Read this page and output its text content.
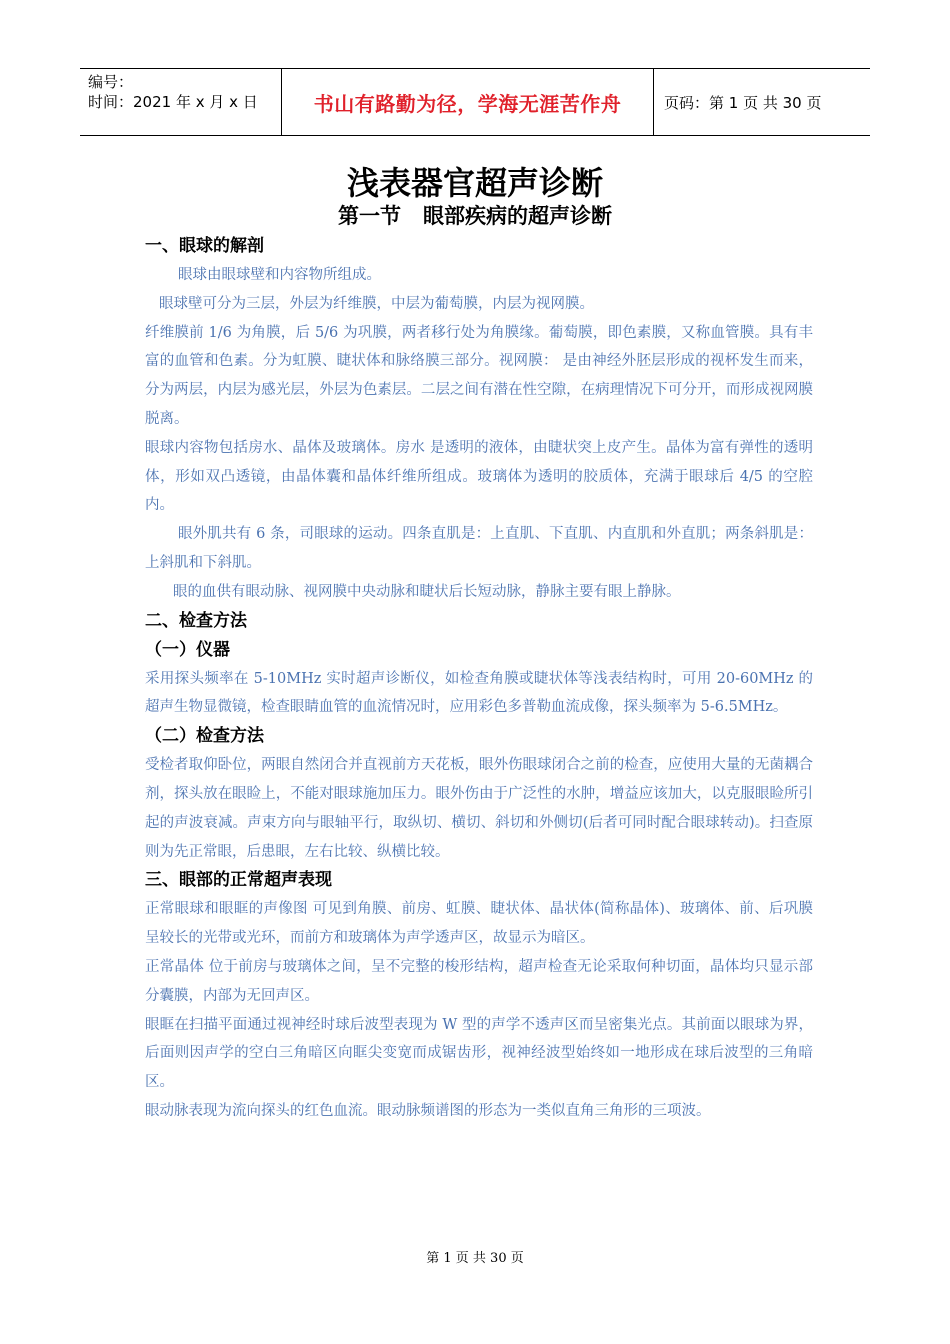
编号：
时间：2021 年 x 月 x 日	书山有路勤为径，学海无涯苦作舟	页码：第 1 页 共 30 页
浅表器官超声诊断
第一节   眼部疾病的超声诊断
一、眼球的解剖
眼球由眼球壁和内容物所组成。
眼球壁可分为三层，外层为纤维膜，中层为葡萄膜，内层为视网膜。
纤维膜前 1/6 为角膜，后 5/6 为巩膜，两者移行处为角膜缘。葡萄膜，即色素膜，又称血管膜。具有丰富的血管和色素。分为虹膜、睫状体和脉络膜三部分。视网膜： 是由神经外胚层形成的视杯发生而来，分为两层，内层为感光层，外层为色素层。二层之间有潜在性空隙，在病理情况下可分开，而形成视网膜脱离。
眼球内容物包括房水、晶体及玻璃体。房水 是透明的液体，由睫状突上皮产生。晶体为富有弹性的透明体，形如双凸透镜，由晶体囊和晶体纤维所组成。玻璃体为透明的胶质体，充满于眼球后 4/5 的空腔内。
眼外肌共有 6 条，司眼球的运动。四条直肌是：上直肌、下直肌、内直肌和外直肌；两条斜肌是：上斜肌和下斜肌。
眼的血供有眼动脉、视网膜中央动脉和睫状后长短动脉，静脉主要有眼上静脉。
二、检查方法
（一）仪器
采用探头频率在 5-10MHz 实时超声诊断仪，如检查角膜或睫状体等浅表结构时，可用 20-60MHz 的超声生物显微镜，检查眼睛血管的血流情况时，应用彩色多普勒血流成像，探头频率为 5-6.5MHz。
（二）检查方法
受检者取仰卧位，两眼自然闭合并直视前方天花板，眼外伤眼球闭合之前的检查，应使用大量的无菌耦合剂，探头放在眼睑上，不能对眼球施加压力。眼外伤由于广泛性的水肿，增益应该加大，以克服眼睑所引起的声波衰减。声束方向与眼轴平行，取纵切、横切、斜切和外侧切(后者可同时配合眼球转动)。扫查原则为先正常眼，后患眼，左右比较、纵横比较。
三、眼部的正常超声表现
正常眼球和眼眶的声像图 可见到角膜、前房、虹膜、睫状体、晶状体(简称晶体)、玻璃体、前、后巩膜呈较长的光带或光环，而前方和玻璃体为声学透声区，故显示为暗区。
正常晶体 位于前房与玻璃体之间，呈不完整的梭形结构，超声检查无论采取何种切面，晶体均只显示部分囊膜，内部为无回声区。
眼眶在扫描平面通过视神经时球后波型表现为 W 型的声学不透声区而呈密集光点。其前面以眼球为界，后面则因声学的空白三角暗区向眶尖变宽而成锯齿形，视神经波型始终如一地形成在球后波型的三角暗区。
眼动脉表现为流向探头的红色血流。眼动脉频谱图的形态为一类似直角三角形的三项波。
第 1 页 共 30 页
